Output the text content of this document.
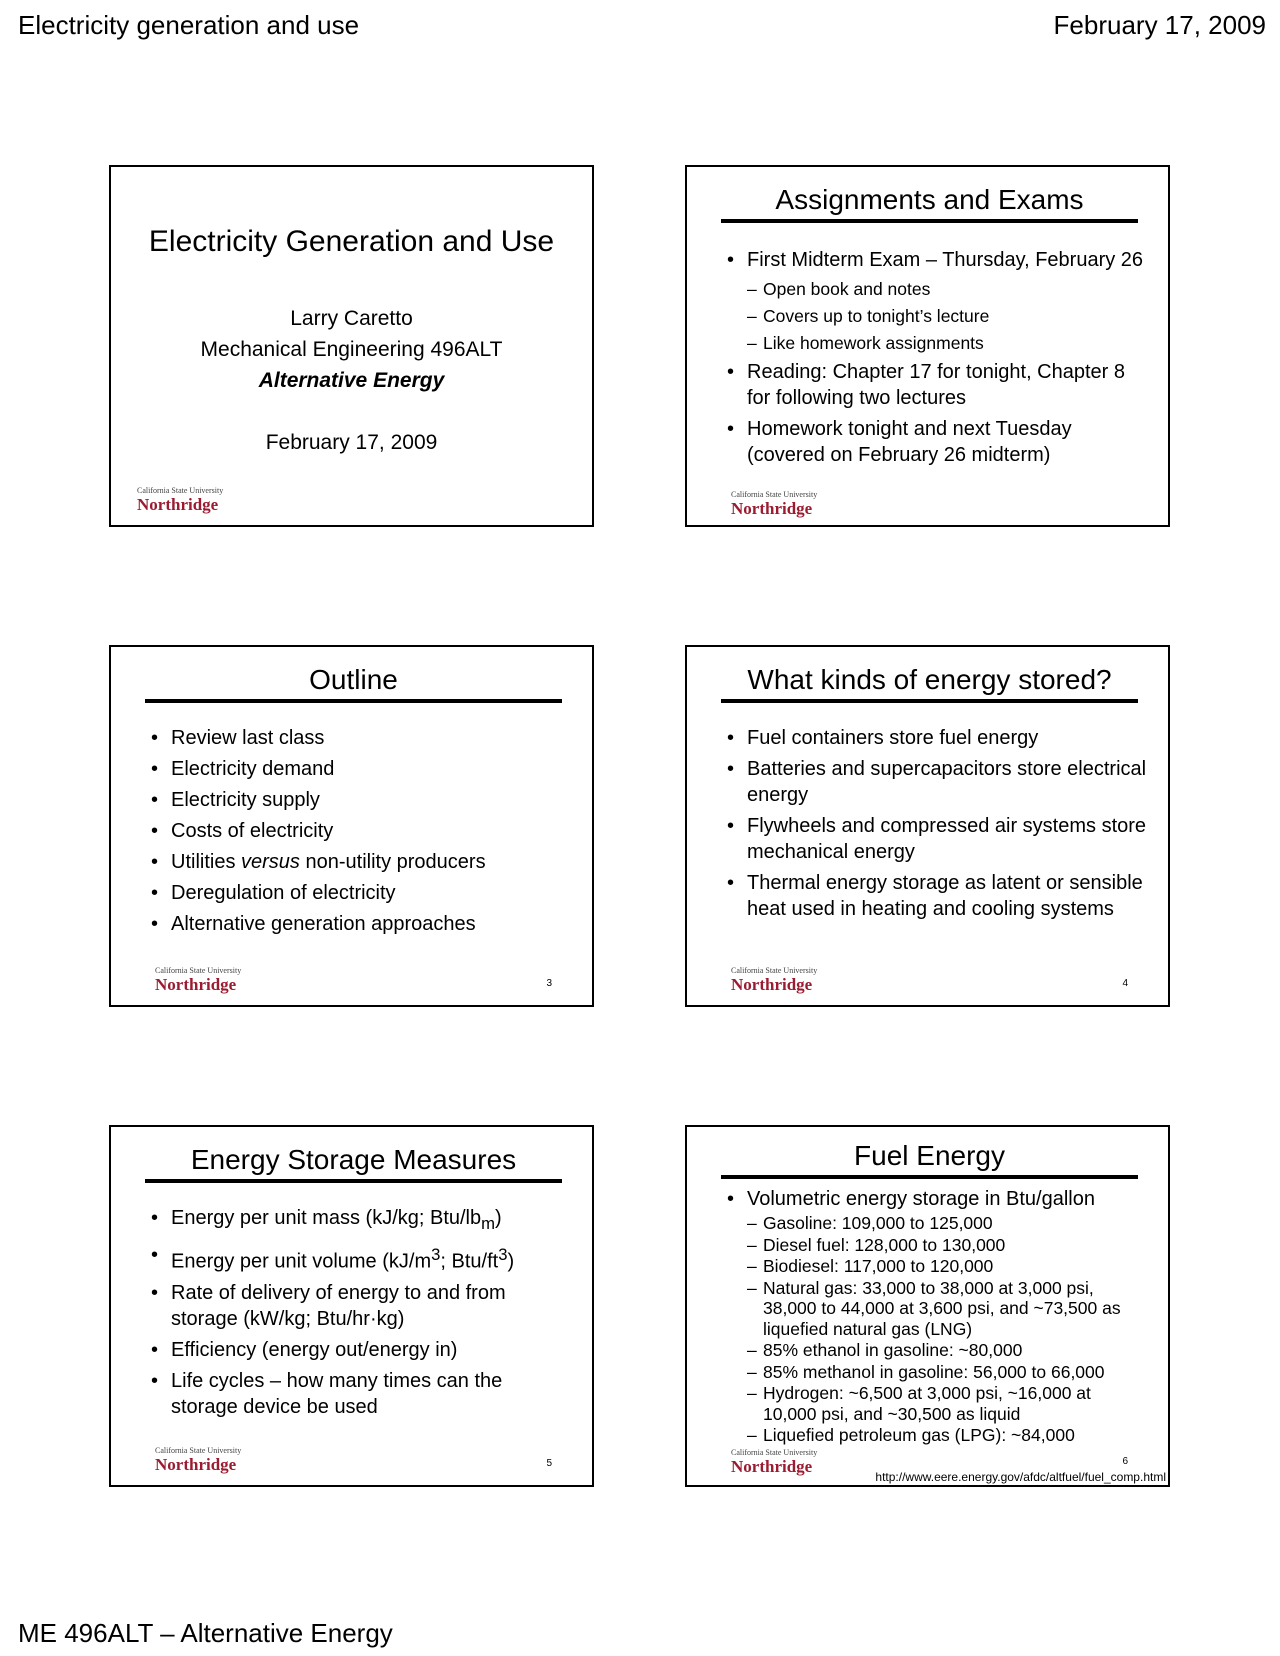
Electricity generation and use	February 17, 2009
Electricity Generation and Use
Larry Caretto
Mechanical Engineering 496ALT
Alternative Energy
February 17, 2009
California State University
Northridge
Assignments and Exams
• First Midterm Exam – Thursday, February 26
– Open book and notes
– Covers up to tonight’s lecture
– Like homework assignments
• Reading: Chapter 17 for tonight, Chapter 8 for following two lectures
• Homework tonight and next Tuesday (covered on February 26 midterm)
California State University
Northridge
Outline
• Review last class
• Electricity demand
• Electricity supply
• Costs of electricity
• Utilities versus non-utility producers
• Deregulation of electricity
• Alternative generation approaches
California State University
Northridge	3
What kinds of energy stored?
• Fuel containers store fuel energy
• Batteries and supercapacitors store electrical energy
• Flywheels and compressed air systems store mechanical energy
• Thermal energy storage as latent or sensible heat used in heating and cooling systems
California State University
Northridge	4
Energy Storage Measures
• Energy per unit mass (kJ/kg; Btu/$lb_m$)
• Energy per unit volume ($kJ/m^3$; Btu/$ft^3$)
• Rate of delivery of energy to and from storage (kW/kg; Btu/hr·kg)
• Efficiency (energy out/energy in)
• Life cycles – how many times can the storage device be used
California State University
Northridge	5
Fuel Energy
• Volumetric energy storage in Btu/gallon
– Gasoline: 109,000 to 125,000
– Diesel fuel: 128,000 to 130,000
– Biodiesel: 117,000 to 120,000
– Natural gas: 33,000 to 38,000 at 3,000 psi, 38,000 to 44,000 at 3,600 psi, and ~73,500 as liquefied natural gas (LNG)
– 85% ethanol in gasoline: ~80,000
– 85% methanol in gasoline: 56,000 to 66,000
– Hydrogen: ~6,500 at 3,000 psi, ~16,000 at 10,000 psi, and ~30,500 as liquid
– Liquefied petroleum gas (LPG): ~84,000
California State University
Northridge	6
http://www.eere.energy.gov/afdc/altfuel/fuel_comp.html
ME 496ALT – Alternative Energy
